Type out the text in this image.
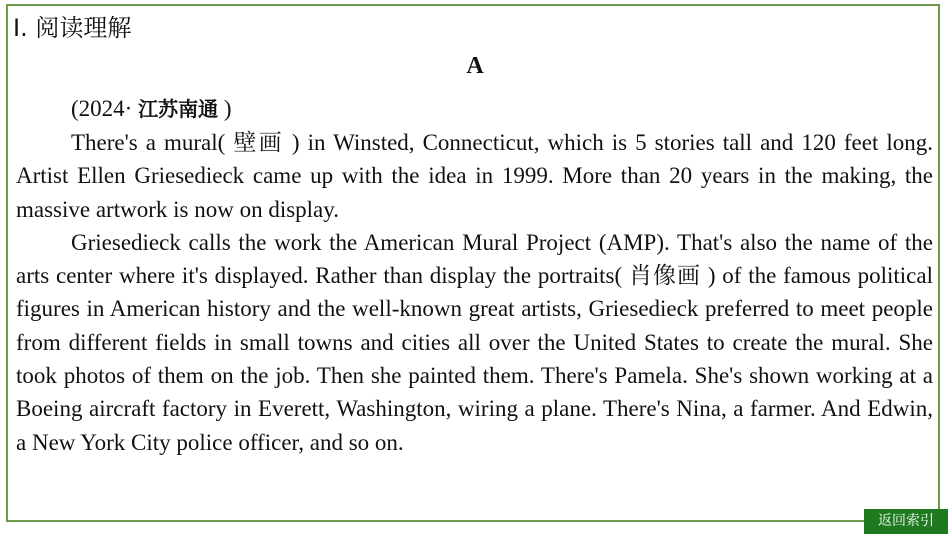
I. 阅读理解
A
(2024· 江苏南通 )

There's a mural( 壁画 ) in Winsted, Connecticut, which is 5 stories tall and 120 feet long. Artist Ellen Griesedieck came up with the idea in 1999. More than 20 years in the making, the massive artwork is now on display.

Griesedieck calls the work the American Mural Project (AMP). That's also the name of the arts center where it's displayed. Rather than display the portraits( 肖像画 ) of the famous political figures in American history and the well-known great artists, Griesedieck preferred to meet people from different fields in small towns and cities all over the United States to create the mural. She took photos of them on the job. Then she painted them. There's Pamela. She's shown working at a Boeing aircraft factory in Everett, Washington, wiring a plane. There's Nina, a farmer. And Edwin, a New York City police officer, and so on.

返回索引
